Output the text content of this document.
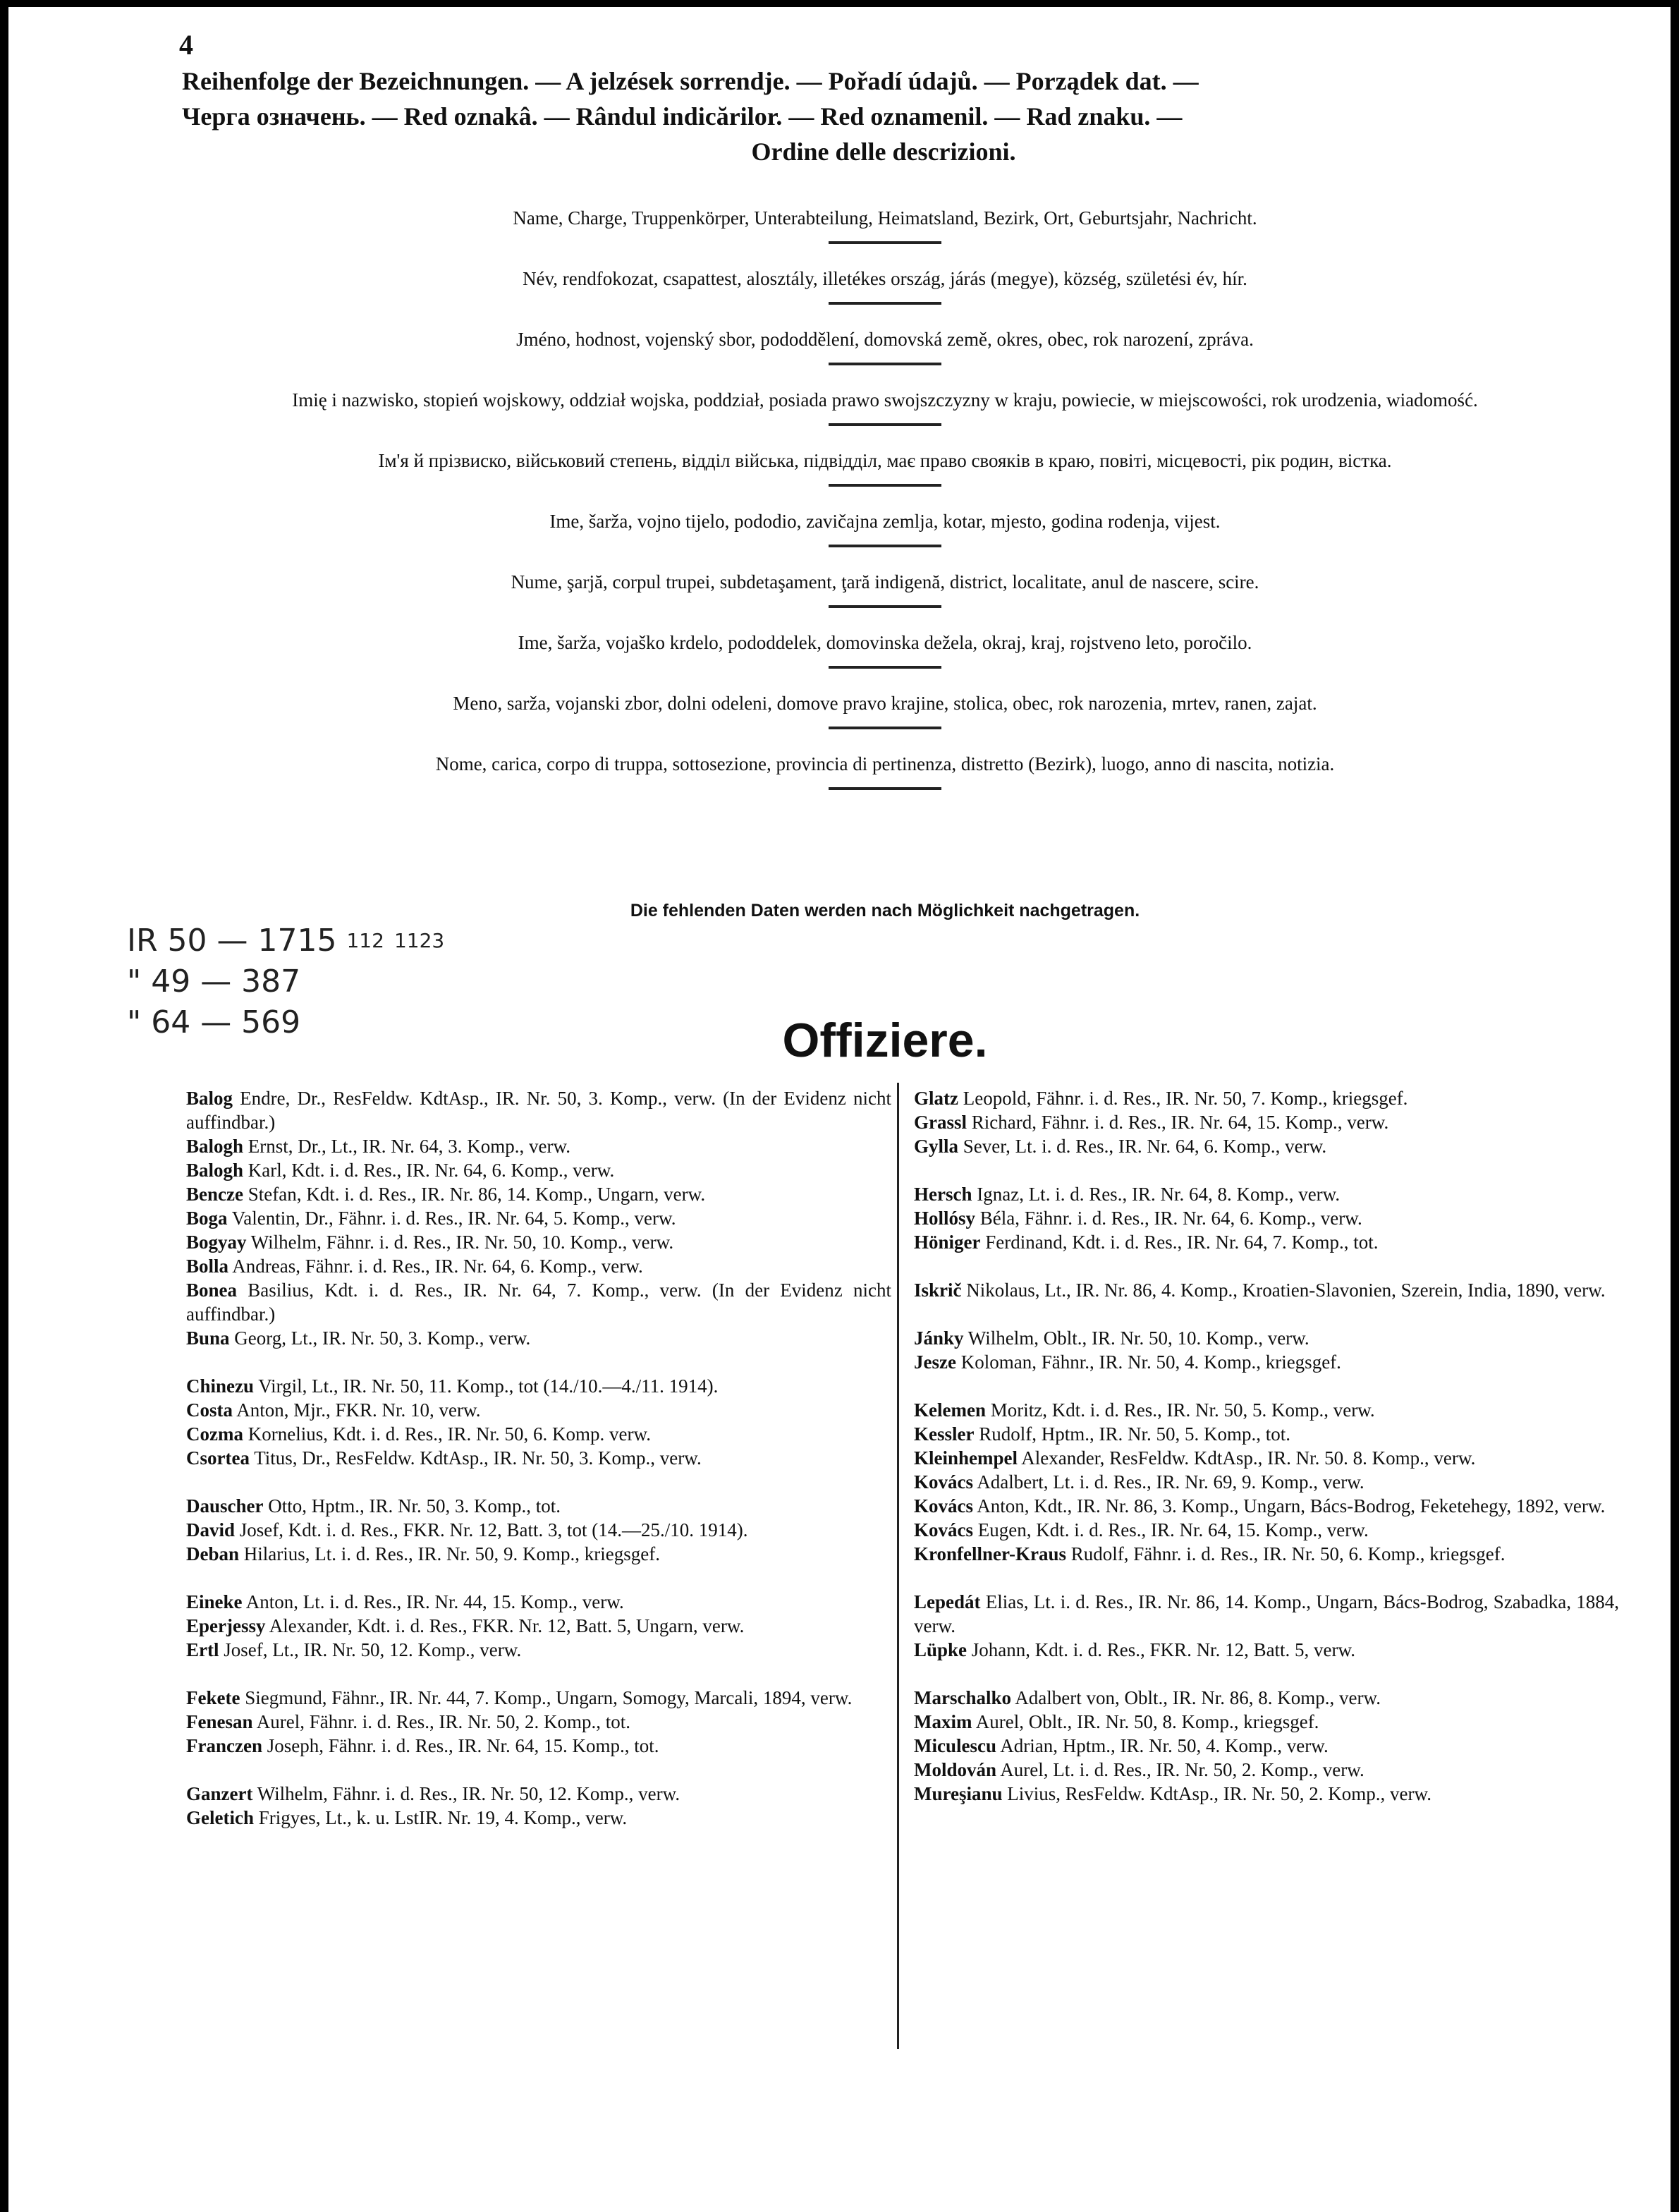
4
Reihenfolge der Bezeichnungen. — A jelzések sorrendje. — Pořadí údajů. — Porządek dat. —
Черга означень. — Red oznakâ. — Rândul indicărilor. — Red oznamenil. — Rad znaku. —
Ordine delle descrizioni.
Name, Charge, Truppenkörper, Unterabteilung, Heimatsland, Bezirk, Ort, Geburtsjahr, Nachricht.
Név, rendfokozat, csapattest, alosztály, illetékes ország, járás (megye), község, születési év, hír.
Jméno, hodnost, vojenský sbor, pododdělení, domovská země, okres, obec, rok narození, zpráva.
Imię i nazwisko, stopień wojskowy, oddział wojska, poddział, posiada prawo swojszczyzny w kraju, powiecie, w miejscowości, rok urodzenia, wiadomość.
Ім'я й прізвиско, військовий степень, відділ війська, підвідділ, має право свояків в краю, повіті, місцевості, рік родин, вістка.
Ime, šarža, vojno tijelo, pododio, zavičajna zemlja, kotar, mjesto, godina rodenja, vijest.
Nume, şarjă, corpul trupei, subdetaşament, ţară indigenă, district, localitate, anul de nascere, scire.
Ime, šarža, vojaško krdelo, pododdelek, domovinska dežela, okraj, kraj, rojstveno leto, poročilo.
Meno, sarža, vojanski zbor, dolni odeleni, domove pravo krajine, stolica, obec, rok narozenia, mrtev, ranen, zajat.
Nome, carica, corpo di truppa, sottosezione, provincia di pertinenza, distretto (Bezirk), luogo, anno di nascita, notizia.
Die fehlenden Daten werden nach Möglichkeit nachgetragen.
IR 50 — 1715 $^{112}$ $^{1123}$
" 49 — 387
" 64 — 569	Offiziere.
Balog Endre, Dr., ResFeldw. KdtAsp., IR. Nr. 50, 3. Komp., verw. (In der Evidenz nicht auffindbar.)
Balogh Ernst, Dr., Lt., IR. Nr. 64, 3. Komp., verw.
Balogh Karl, Kdt. i. d. Res., IR. Nr. 64, 6. Komp., verw.
Bencze Stefan, Kdt. i. d. Res., IR. Nr. 86, 14. Komp., Ungarn, verw.
Boga Valentin, Dr., Fähnr. i. d. Res., IR. Nr. 64, 5. Komp., verw.
Bogyay Wilhelm, Fähnr. i. d. Res., IR. Nr. 50, 10. Komp., verw.
Bolla Andreas, Fähnr. i. d. Res., IR. Nr. 64, 6. Komp., verw.
Bonea Basilius, Kdt. i. d. Res., IR. Nr. 64, 7. Komp., verw. (In der Evidenz nicht auffindbar.)
Buna Georg, Lt., IR. Nr. 50, 3. Komp., verw.
Chinezu Virgil, Lt., IR. Nr. 50, 11. Komp., tot (14./10.—4./11. 1914).
Costa Anton, Mjr., FKR. Nr. 10, verw.
Cozma Kornelius, Kdt. i. d. Res., IR. Nr. 50, 6. Komp. verw.
Csortea Titus, Dr., ResFeldw. KdtAsp., IR. Nr. 50, 3. Komp., verw.
Dauscher Otto, Hptm., IR. Nr. 50, 3. Komp., tot.
David Josef, Kdt. i. d. Res., FKR. Nr. 12, Batt. 3, tot (14.—25./10. 1914).
Deban Hilarius, Lt. i. d. Res., IR. Nr. 50, 9. Komp., kriegsgef.
Eineke Anton, Lt. i. d. Res., IR. Nr. 44, 15. Komp., verw.
Eperjessy Alexander, Kdt. i. d. Res., FKR. Nr. 12, Batt. 5, Ungarn, verw.
Ertl Josef, Lt., IR. Nr. 50, 12. Komp., verw.
Fekete Siegmund, Fähnr., IR. Nr. 44, 7. Komp., Ungarn, Somogy, Marcali, 1894, verw.
Fenesan Aurel, Fähnr. i. d. Res., IR. Nr. 50, 2. Komp., tot.
Franczen Joseph, Fähnr. i. d. Res., IR. Nr. 64, 15. Komp., tot.
Ganzert Wilhelm, Fähnr. i. d. Res., IR. Nr. 50, 12. Komp., verw.
Geletich Frigyes, Lt., k. u. LstIR. Nr. 19, 4. Komp., verw.
Glatz Leopold, Fähnr. i. d. Res., IR. Nr. 50, 7. Komp., kriegsgef.
Grassl Richard, Fähnr. i. d. Res., IR. Nr. 64, 15. Komp., verw.
Gylla Sever, Lt. i. d. Res., IR. Nr. 64, 6. Komp., verw.
Hersch Ignaz, Lt. i. d. Res., IR. Nr. 64, 8. Komp., verw.
Hollósy Béla, Fähnr. i. d. Res., IR. Nr. 64, 6. Komp., verw.
Höniger Ferdinand, Kdt. i. d. Res., IR. Nr. 64, 7. Komp., tot.
Iskrič Nikolaus, Lt., IR. Nr. 86, 4. Komp., Kroatien-Slavonien, Szerein, India, 1890, verw.
Jánky Wilhelm, Oblt., IR. Nr. 50, 10. Komp., verw.
Jesze Koloman, Fähnr., IR. Nr. 50, 4. Komp., kriegsgef.
Kelemen Moritz, Kdt. i. d. Res., IR. Nr. 50, 5. Komp., verw.
Kessler Rudolf, Hptm., IR. Nr. 50, 5. Komp., tot.
Kleinhempel Alexander, ResFeldw. KdtAsp., IR. Nr. 50. 8. Komp., verw.
Kovács Adalbert, Lt. i. d. Res., IR. Nr. 69, 9. Komp., verw.
Kovács Anton, Kdt., IR. Nr. 86, 3. Komp., Ungarn, Bács-Bodrog, Feketehegy, 1892, verw.
Kovács Eugen, Kdt. i. d. Res., IR. Nr. 64, 15. Komp., verw.
Kronfellner-Kraus Rudolf, Fähnr. i. d. Res., IR. Nr. 50, 6. Komp., kriegsgef.
Lepedát Elias, Lt. i. d. Res., IR. Nr. 86, 14. Komp., Ungarn, Bács-Bodrog, Szabadka, 1884, verw.
Lüpke Johann, Kdt. i. d. Res., FKR. Nr. 12, Batt. 5, verw.
Marschalko Adalbert von, Oblt., IR. Nr. 86, 8. Komp., verw.
Maxim Aurel, Oblt., IR. Nr. 50, 8. Komp., kriegsgef.
Miculescu Adrian, Hptm., IR. Nr. 50, 4. Komp., verw.
Moldován Aurel, Lt. i. d. Res., IR. Nr. 50, 2. Komp., verw.
Mureşianu Livius, ResFeldw. KdtAsp., IR. Nr. 50, 2. Komp., verw.
